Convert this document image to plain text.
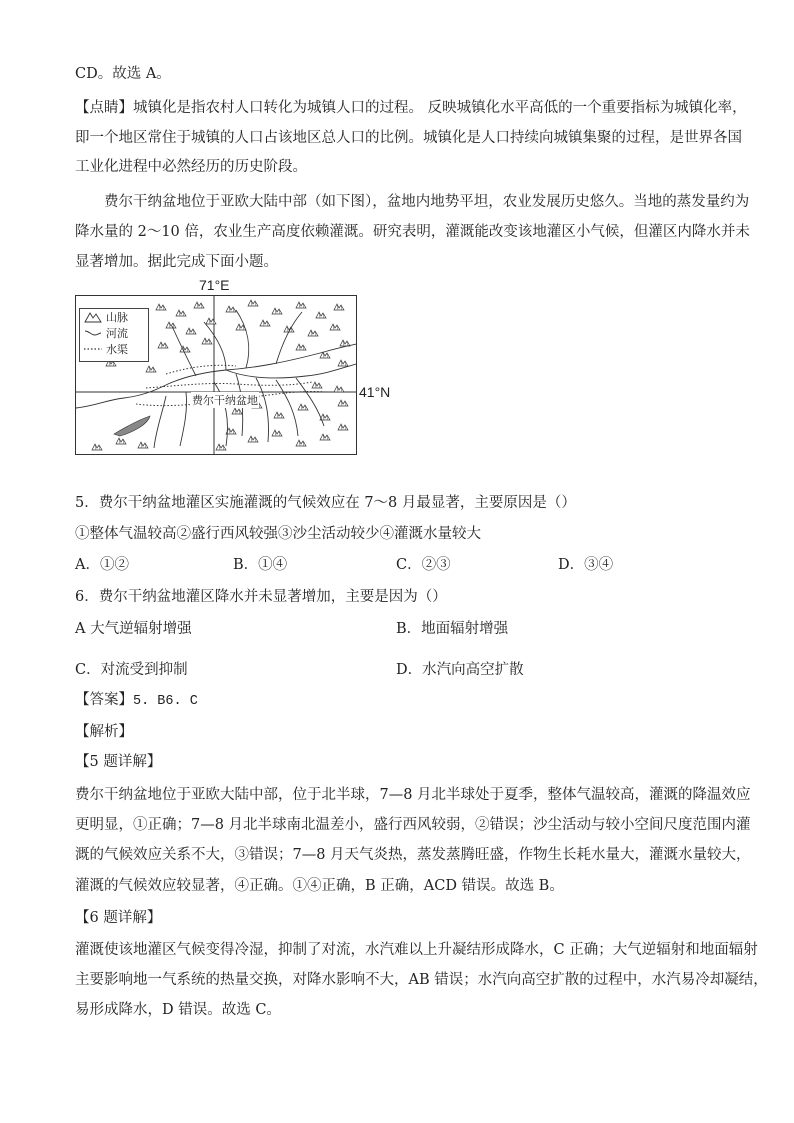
CD。故选 A。
【点睛】城镇化是指农村人口转化为城镇人口的过程。 反映城镇化水平高低的一个重要指标为城镇化率，
即一个地区常住于城镇的人口占该地区总人口的比例。城镇化是人口持续向城镇集聚的过程，是世界各国
工业化进程中必然经历的历史阶段。
费尔干纳盆地位于亚欧大陆中部（如下图），盆地内地势平坦，农业发展历史悠久。当地的蒸发量约为
降水量的 2～10 倍，农业生产高度依赖灌溉。研究表明，灌溉能改变该地灌区小气候，但灌区内降水并未
显著增加。据此完成下面小题。
71°E
41°N
费尔干纳盆地
山脉
河流
水渠
5．费尔干纳盆地灌区实施灌溉的气候效应在 7～8 月最显著，主要原因是（）
①整体气温较高②盛行西风较强③沙尘活动较少④灌溉水量较大
A．①②	B．①④	C．②③	D．③④
6．费尔干纳盆地灌区降水并未显著增加，主要是因为（）
A 大气逆辐射增强	B．地面辐射增强
C．对流受到抑制	D．水汽向高空扩散
【答案】5. B6. C
【解析】
【5 题详解】
费尔干纳盆地位于亚欧大陆中部，位于北半球，7—8 月北半球处于夏季，整体气温较高，灌溉的降温效应
更明显，①正确；7—8 月北半球南北温差小，盛行西风较弱，②错误；沙尘活动与较小空间尺度范围内灌
溉的气候效应关系不大，③错误；7—8 月天气炎热，蒸发蒸腾旺盛，作物生长耗水量大，灌溉水量较大，
灌溉的气候效应较显著，④正确。①④正确，B 正确，ACD 错误。故选 B。
【6 题详解】
灌溉使该地灌区气候变得冷湿，抑制了对流，水汽难以上升凝结形成降水，C 正确；大气逆辐射和地面辐射
主要影响地一气系统的热量交换，对降水影响不大，AB 错误；水汽向高空扩散的过程中，水汽易冷却凝结，
易形成降水，D 错误。故选 C。
